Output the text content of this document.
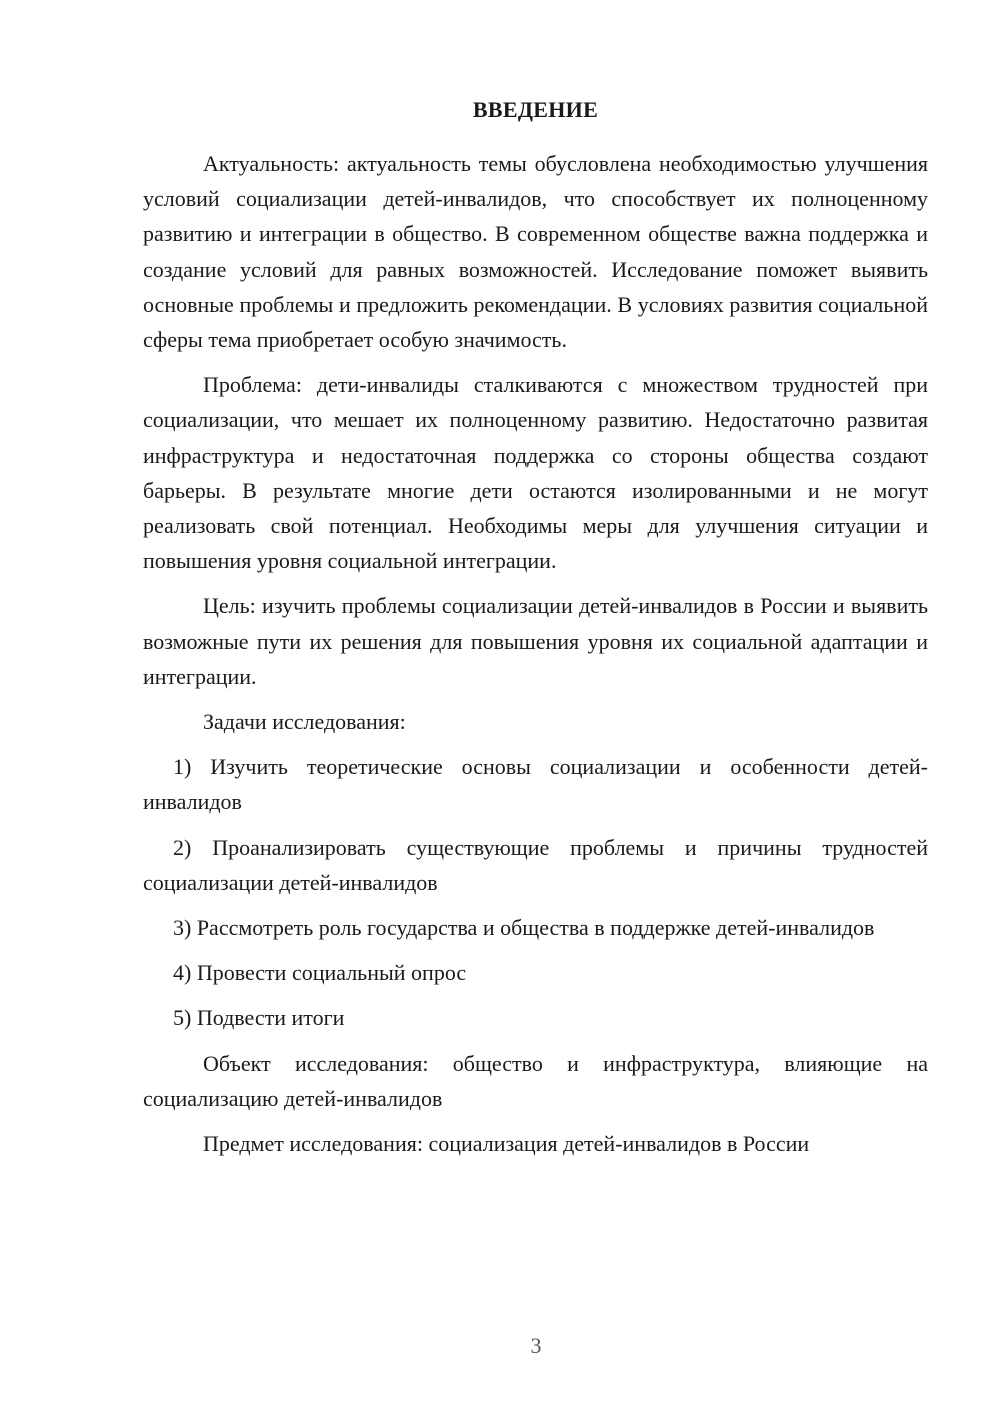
ВВЕДЕНИЕ

Актуальность: актуальность темы обусловлена необходимостью улучшения условий социализации детей-инвалидов, что способствует их полноценному развитию и интеграции в общество. В современном обществе важна поддержка и создание условий для равных возможностей. Исследование поможет выявить основные проблемы и предложить рекомендации. В условиях развития социальной сферы тема приобретает особую значимость.

Проблема: дети-инвалиды сталкиваются с множеством трудностей при социализации, что мешает их полноценному развитию. Недостаточно развитая инфраструктура и недостаточная поддержка со стороны общества создают барьеры. В результате многие дети остаются изолированными и не могут реализовать свой потенциал. Необходимы меры для улучшения ситуации и повышения уровня социальной интеграции.

Цель: изучить проблемы социализации детей-инвалидов в России и выявить возможные пути их решения для повышения уровня их социальной адаптации и интеграции.

Задачи исследования:

1) Изучить теоретические основы социализации и особенности детей-инвалидов

2) Проанализировать существующие проблемы и причины трудностей социализации детей-инвалидов

3) Рассмотреть роль государства и общества в поддержке детей-инвалидов

4) Провести социальный опрос

5) Подвести итоги

Объект исследования: общество и инфраструктура, влияющие на социализацию детей-инвалидов

Предмет исследования: социализация детей-инвалидов в России

3
